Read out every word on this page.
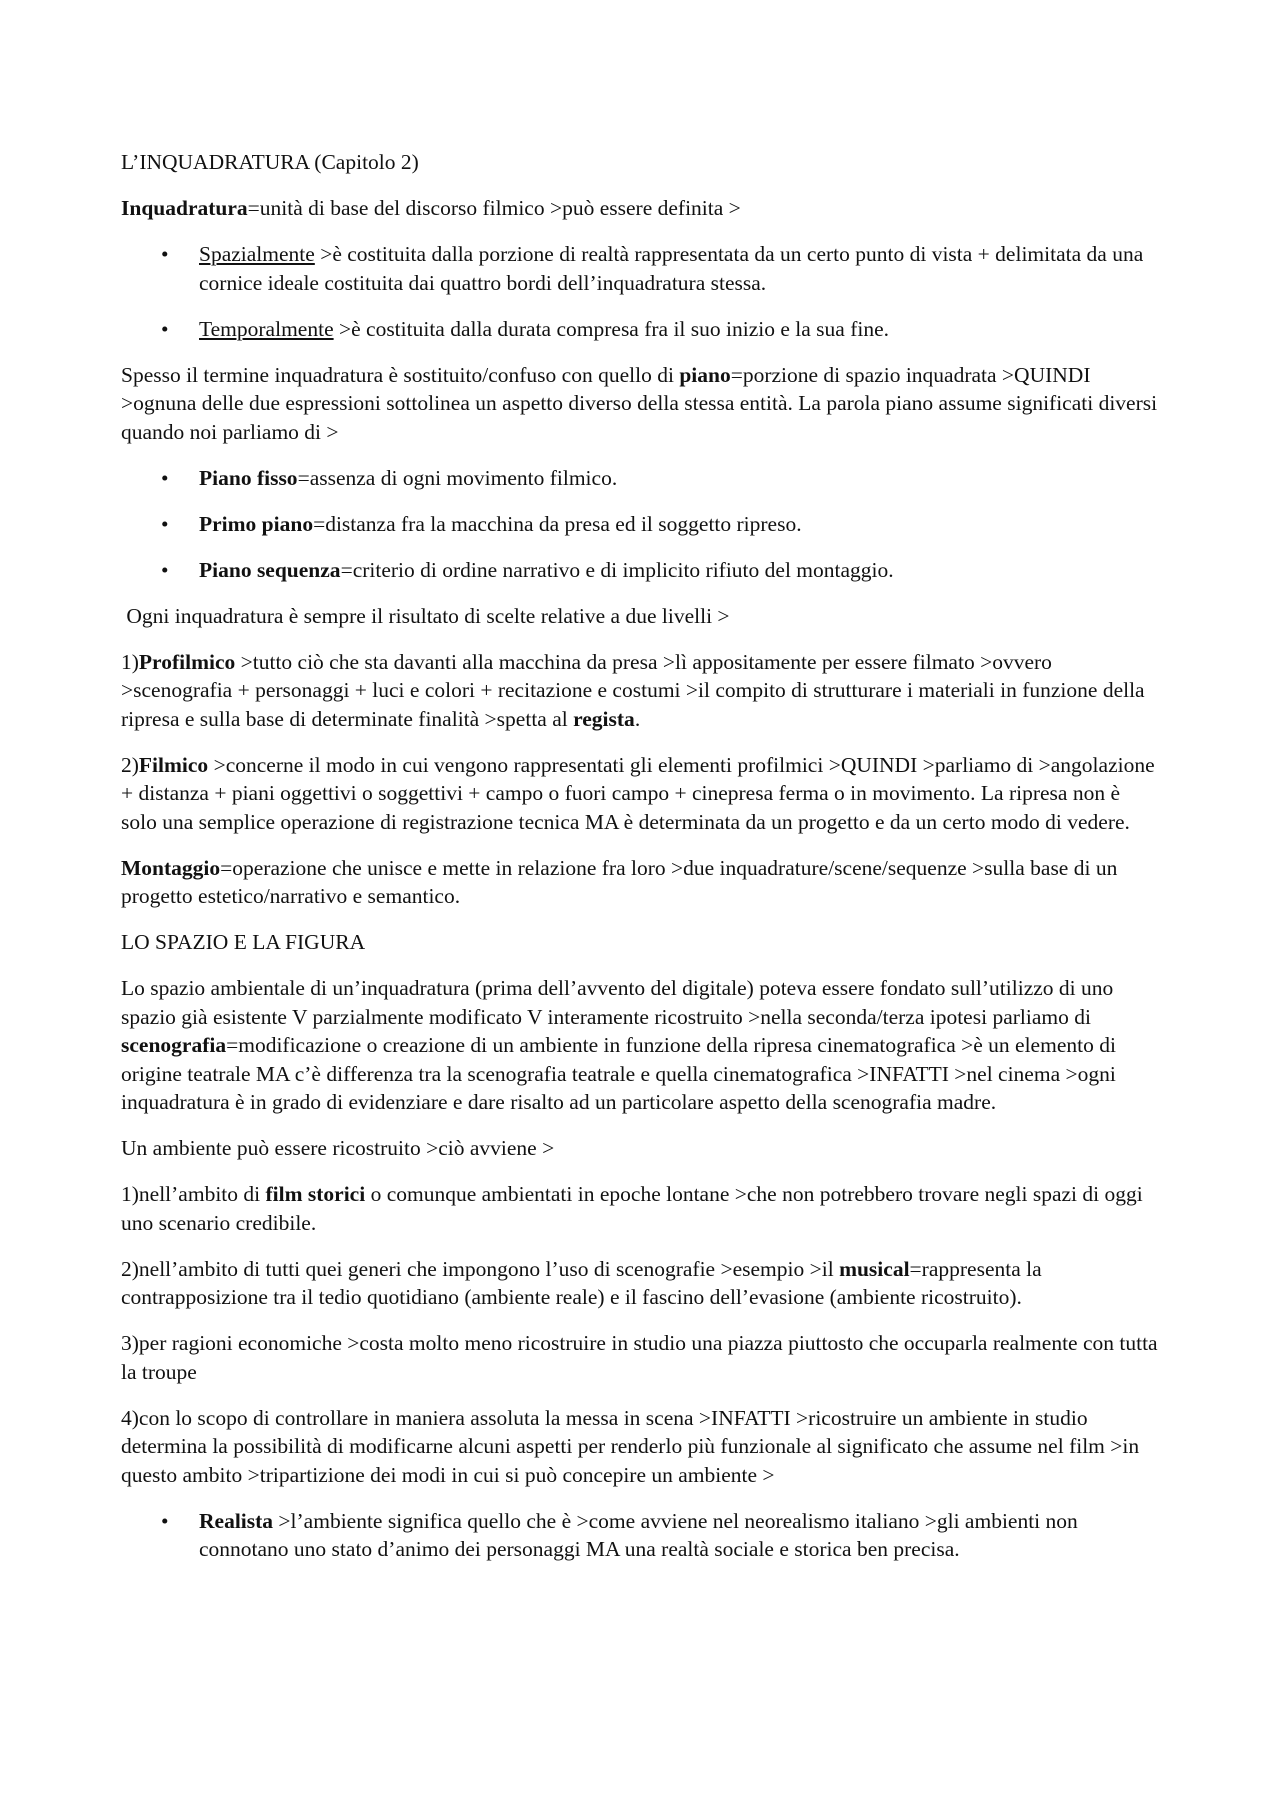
L’INQUADRATURA (Capitolo 2)

Inquadratura=unità di base del discorso filmico >può essere definita >

• Spazialmente >è costituita dalla porzione di realtà rappresentata da un certo punto di vista + delimitata da una cornice ideale costituita dai quattro bordi dell’inquadratura stessa.
• Temporalmente >è costituita dalla durata compresa fra il suo inizio e la sua fine.

Spesso il termine inquadratura è sostituito/confuso con quello di piano=porzione di spazio inquadrata >QUINDI >ognuna delle due espressioni sottolinea un aspetto diverso della stessa entità. La parola piano assume significati diversi quando noi parliamo di >

• Piano fisso=assenza di ogni movimento filmico.
• Primo piano=distanza fra la macchina da presa ed il soggetto ripreso.
• Piano sequenza=criterio di ordine narrativo e di implicito rifiuto del montaggio.

Ogni inquadratura è sempre il risultato di scelte relative a due livelli >

1)Profilmico >tutto ciò che sta davanti alla macchina da presa >lì appositamente per essere filmato >ovvero >scenografia + personaggi + luci e colori + recitazione e costumi >il compito di strutturare i materiali in funzione della ripresa e sulla base di determinate finalità >spetta al regista.

2)Filmico >concerne il modo in cui vengono rappresentati gli elementi profilmici >QUINDI >parliamo di >angolazione + distanza + piani oggettivi o soggettivi + campo o fuori campo + cinepresa ferma o in movimento. La ripresa non è solo una semplice operazione di registrazione tecnica MA è determinata da un progetto e da un certo modo di vedere.

Montaggio=operazione che unisce e mette in relazione fra loro >due inquadrature/scene/sequenze >sulla base di un progetto estetico/narrativo e semantico.

LO SPAZIO E LA FIGURA

Lo spazio ambientale di un’inquadratura (prima dell’avvento del digitale) poteva essere fondato sull’utilizzo di uno spazio già esistente V parzialmente modificato V interamente ricostruito >nella seconda/terza ipotesi parliamo di scenografia=modificazione o creazione di un ambiente in funzione della ripresa cinematografica >è un elemento di origine teatrale MA c’è differenza tra la scenografia teatrale e quella cinematografica >INFATTI >nel cinema >ogni inquadratura è in grado di evidenziare e dare risalto ad un particolare aspetto della scenografia madre.

Un ambiente può essere ricostruito >ciò avviene >

1)nell’ambito di film storici o comunque ambientati in epoche lontane >che non potrebbero trovare negli spazi di oggi uno scenario credibile.

2)nell’ambito di tutti quei generi che impongono l’uso di scenografie >esempio >il musical=rappresenta la contrapposizione tra il tedio quotidiano (ambiente reale) e il fascino dell’evasione (ambiente ricostruito).

3)per ragioni economiche >costa molto meno ricostruire in studio una piazza piuttosto che occuparla realmente con tutta la troupe

4)con lo scopo di controllare in maniera assoluta la messa in scena >INFATTI >ricostruire un ambiente in studio determina la possibilità di modificarne alcuni aspetti per renderlo più funzionale al significato che assume nel film >in questo ambito >tripartizione dei modi in cui si può concepire un ambiente >

• Realista >l’ambiente significa quello che è >come avviene nel neorealismo italiano >gli ambienti non connotano uno stato d’animo dei personaggi MA una realtà sociale e storica ben precisa.
